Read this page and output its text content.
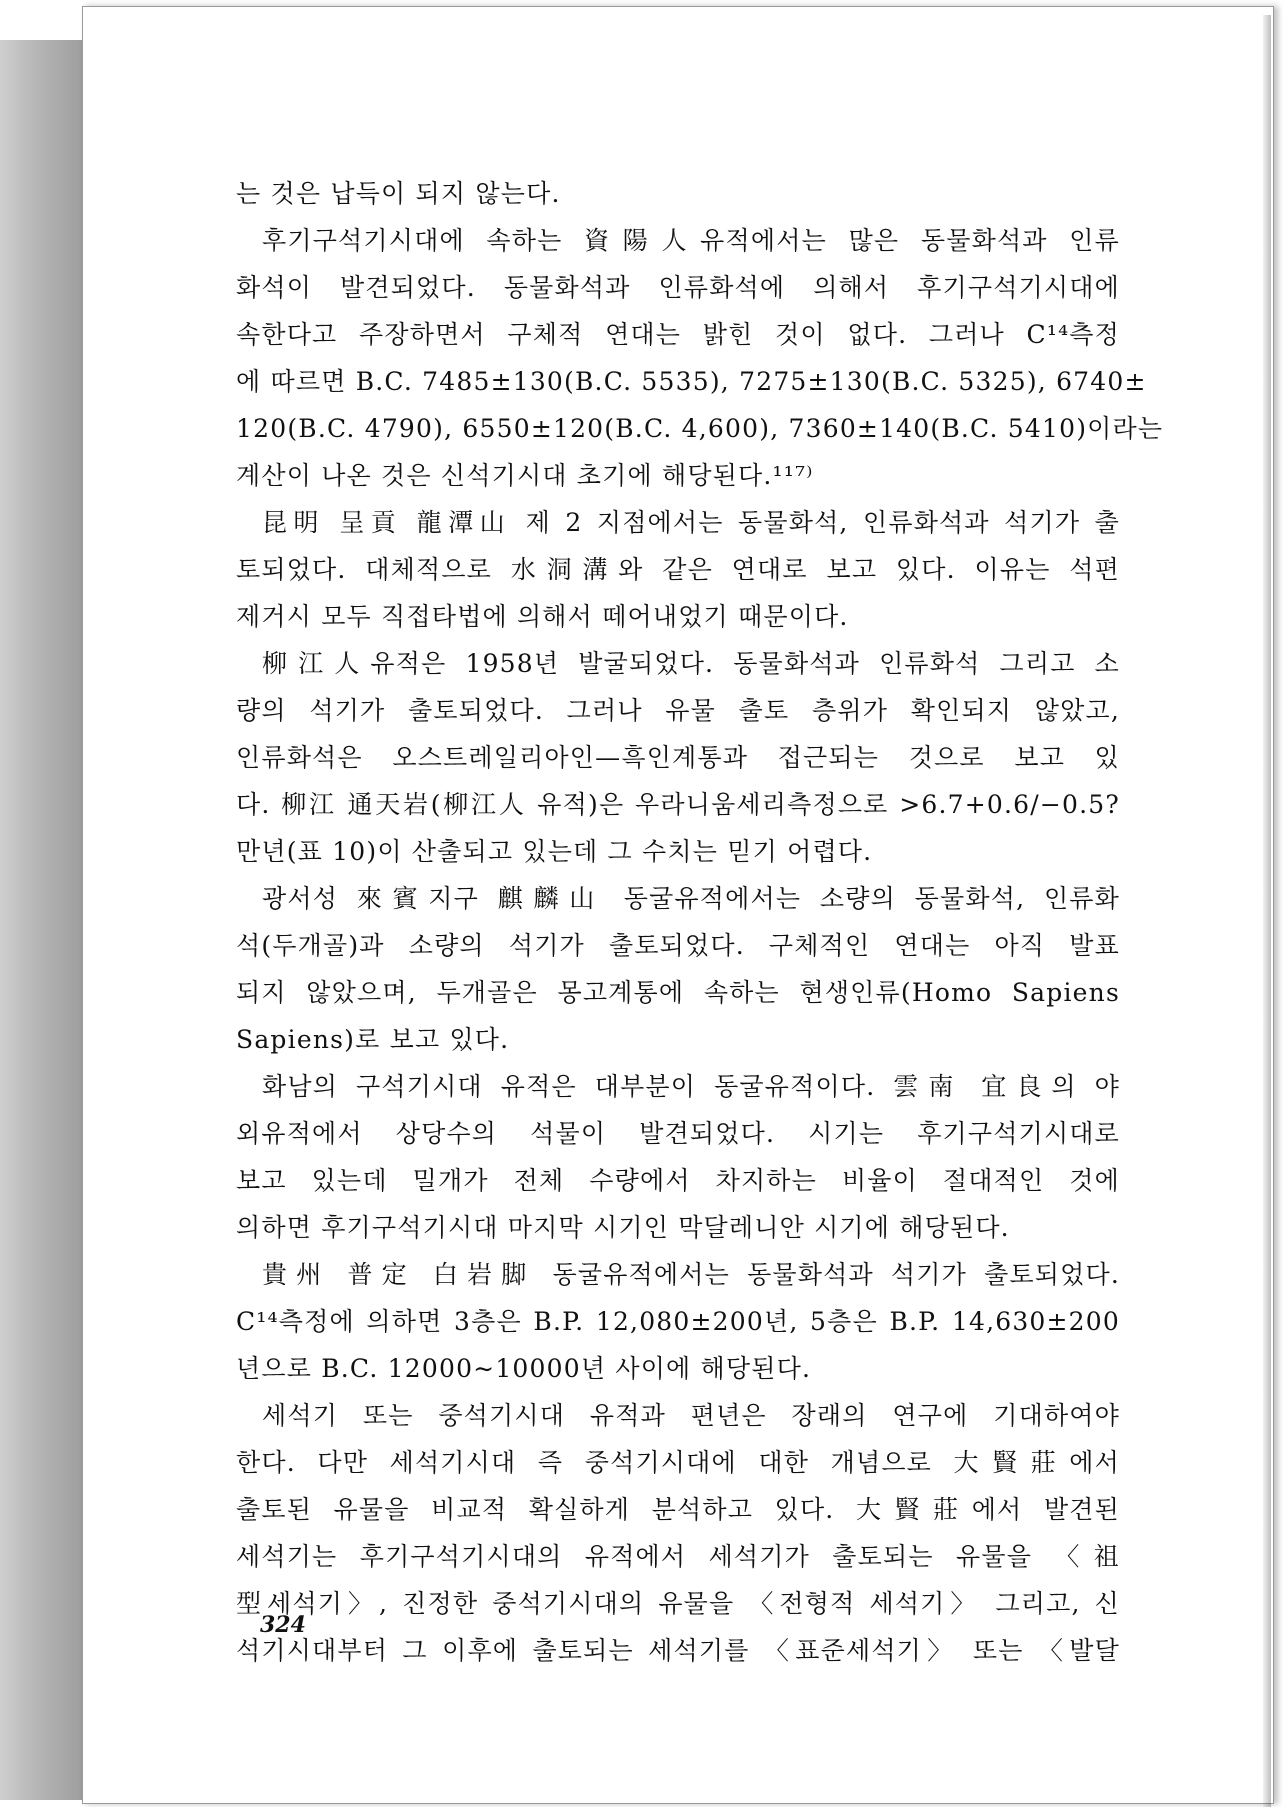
는 것은 납득이 되지 않는다.
후기구석기시대에 속하는 資陽人유적에서는 많은 동물화석과 인류
화석이 발견되었다. 동물화석과 인류화석에 의해서 후기구석기시대에
속한다고 주장하면서 구체적 연대는 밝힌 것이 없다. 그러나 C¹⁴측정
에 따르면 B.C. 7485±130(B.C. 5535), 7275±130(B.C. 5325), 6740±
120(B.C. 4790), 6550±120(B.C. 4,600), 7360±140(B.C. 5410)이라는
계산이 나온 것은 신석기시대 초기에 해당된다.¹¹⁷⁾
昆明 呈貢 龍潭山 제 2 지점에서는 동물화석, 인류화석과 석기가 출
토되었다. 대체적으로 水洞溝와 같은 연대로 보고 있다. 이유는 석편
제거시 모두 직접타법에 의해서 떼어내었기 때문이다.
柳江人유적은 1958년 발굴되었다. 동물화석과 인류화석 그리고 소
량의 석기가 출토되었다. 그러나 유물 출토 층위가 확인되지 않았고,
인류화석은 오스트레일리아인—흑인계통과 접근되는 것으로 보고 있
다. 柳江 通天岩(柳江人 유적)은 우라니움세리측정으로 >6.7+0.6/−0.5?
만년(표 10)이 산출되고 있는데 그 수치는 믿기 어렵다.
광서성 來賓지구 麒麟山 동굴유적에서는 소량의 동물화석, 인류화
석(두개골)과 소량의 석기가 출토되었다. 구체적인 연대는 아직 발표
되지 않았으며, 두개골은 몽고계통에 속하는 현생인류(Homo Sapiens
Sapiens)로 보고 있다.
화남의 구석기시대 유적은 대부분이 동굴유적이다. 雲南 宜良의 야
외유적에서 상당수의 석물이 발견되었다. 시기는 후기구석기시대로
보고 있는데 밀개가 전체 수량에서 차지하는 비율이 절대적인 것에
의하면 후기구석기시대 마지막 시기인 막달레니안 시기에 해당된다.
貴州 普定 白岩脚 동굴유적에서는 동물화석과 석기가 출토되었다.
C¹⁴측정에 의하면 3층은 B.P. 12,080±200년, 5층은 B.P. 14,630±200
년으로 B.C. 12000∼10000년 사이에 해당된다.
세석기 또는 중석기시대 유적과 편년은 장래의 연구에 기대하여야
한다. 다만 세석기시대 즉 중석기시대에 대한 개념으로 大賢莊에서
출토된 유물을 비교적 확실하게 분석하고 있다. 大賢莊에서 발견된
세석기는 후기구석기시대의 유적에서 세석기가 출토되는 유물을 〈祖
型세석기〉, 진정한 중석기시대의 유물을 〈전형적 세석기〉 그리고, 신
석기시대부터 그 이후에 출토되는 세석기를 〈표준세석기〉 또는 〈발달
324
